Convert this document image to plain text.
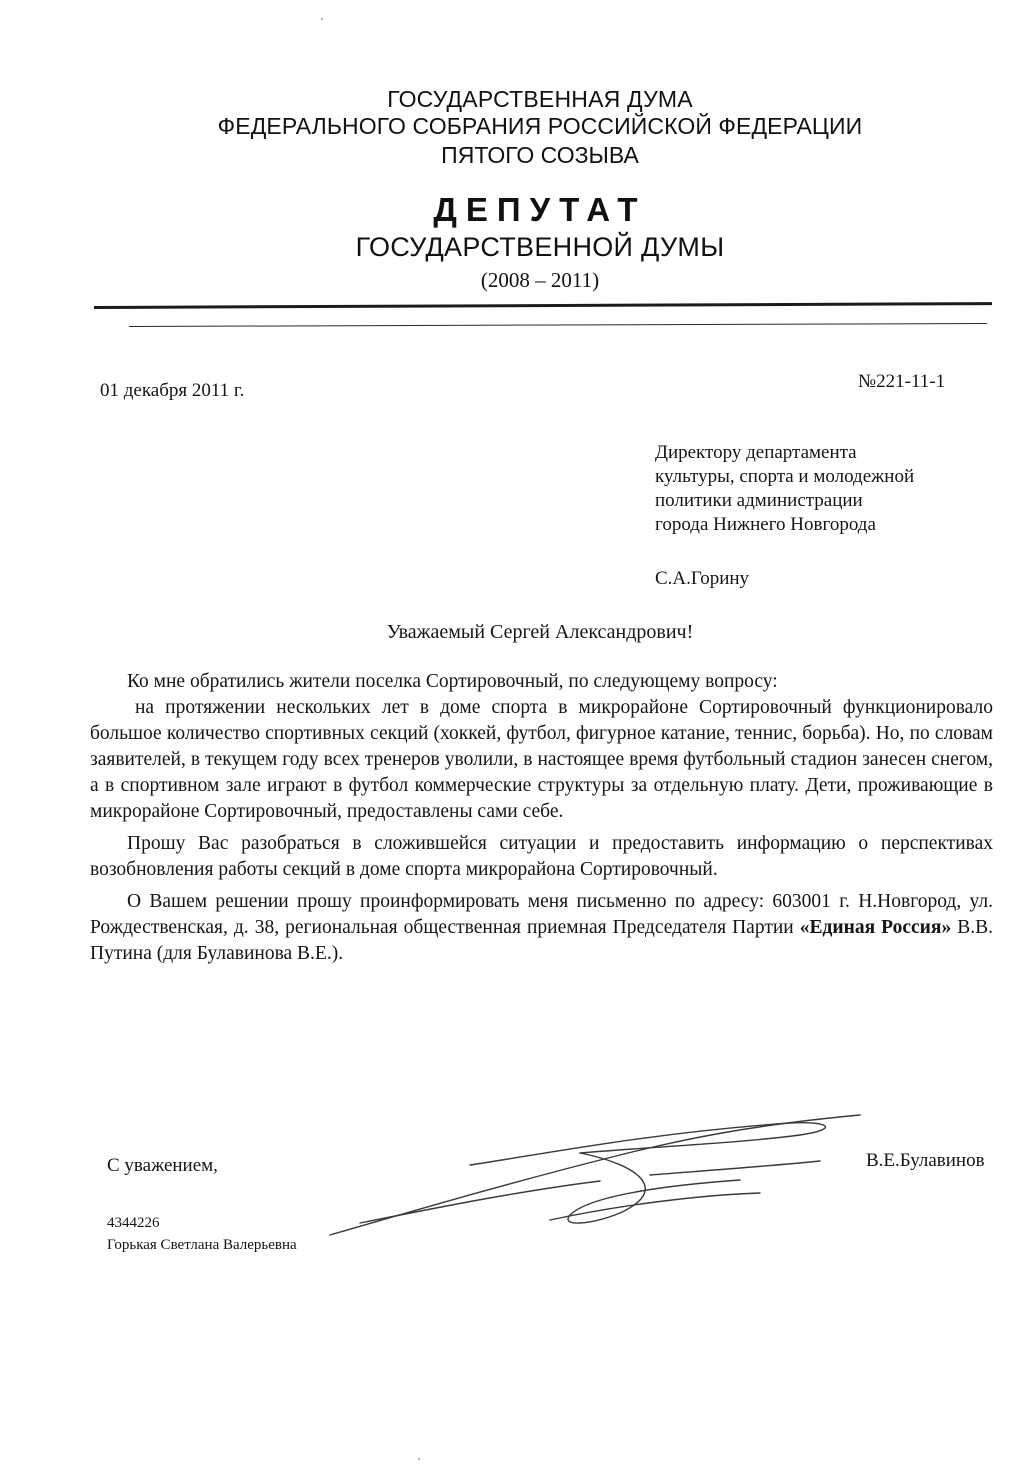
ГОСУДАРСТВЕННАЯ ДУМА
ФЕДЕРАЛЬНОГО СОБРАНИЯ РОССИЙСКОЙ ФЕДЕРАЦИИ
ПЯТОГО СОЗЫВА
ДЕПУТАТ
ГОСУДАРСТВЕННОЙ ДУМЫ
(2008 – 2011)
01 декабря 2011 г.	№221-11-1
Директору департамента
культуры, спорта и молодежной
политики администрации
города Нижнего Новгорода
С.А.Горину
Уважаемый Сергей Александрович!

Ко мне обратились жители поселка Сортировочный, по следующему вопросу:

на протяжении нескольких лет в доме спорта в микрорайоне Сортировочный функционировало большое количество спортивных секций (хоккей, футбол, фигурное катание, теннис, борьба). Но, по словам заявителей, в текущем году всех тренеров уволили, в настоящее время футбольный стадион занесен снегом, а в спортивном зале играют в футбол коммерческие структуры за отдельную плату. Дети, проживающие в микрорайоне Сортировочный, предоставлены сами себе.

Прошу Вас разобраться в сложившейся ситуации и предоставить информацию о перспективах возобновления работы секций в доме спорта микрорайона Сортировочный.

О Вашем решении прошу проинформировать меня письменно по адресу: 603001 г. Н.Новгород, ул. Рождественская, д. 38, региональная общественная приемная Председателя Партии «Единая Россия» В.В. Путина (для Булавинова В.Е.).

С уважением,	В.Е.Булавинов
4344226
Горькая Светлана Валерьевна
